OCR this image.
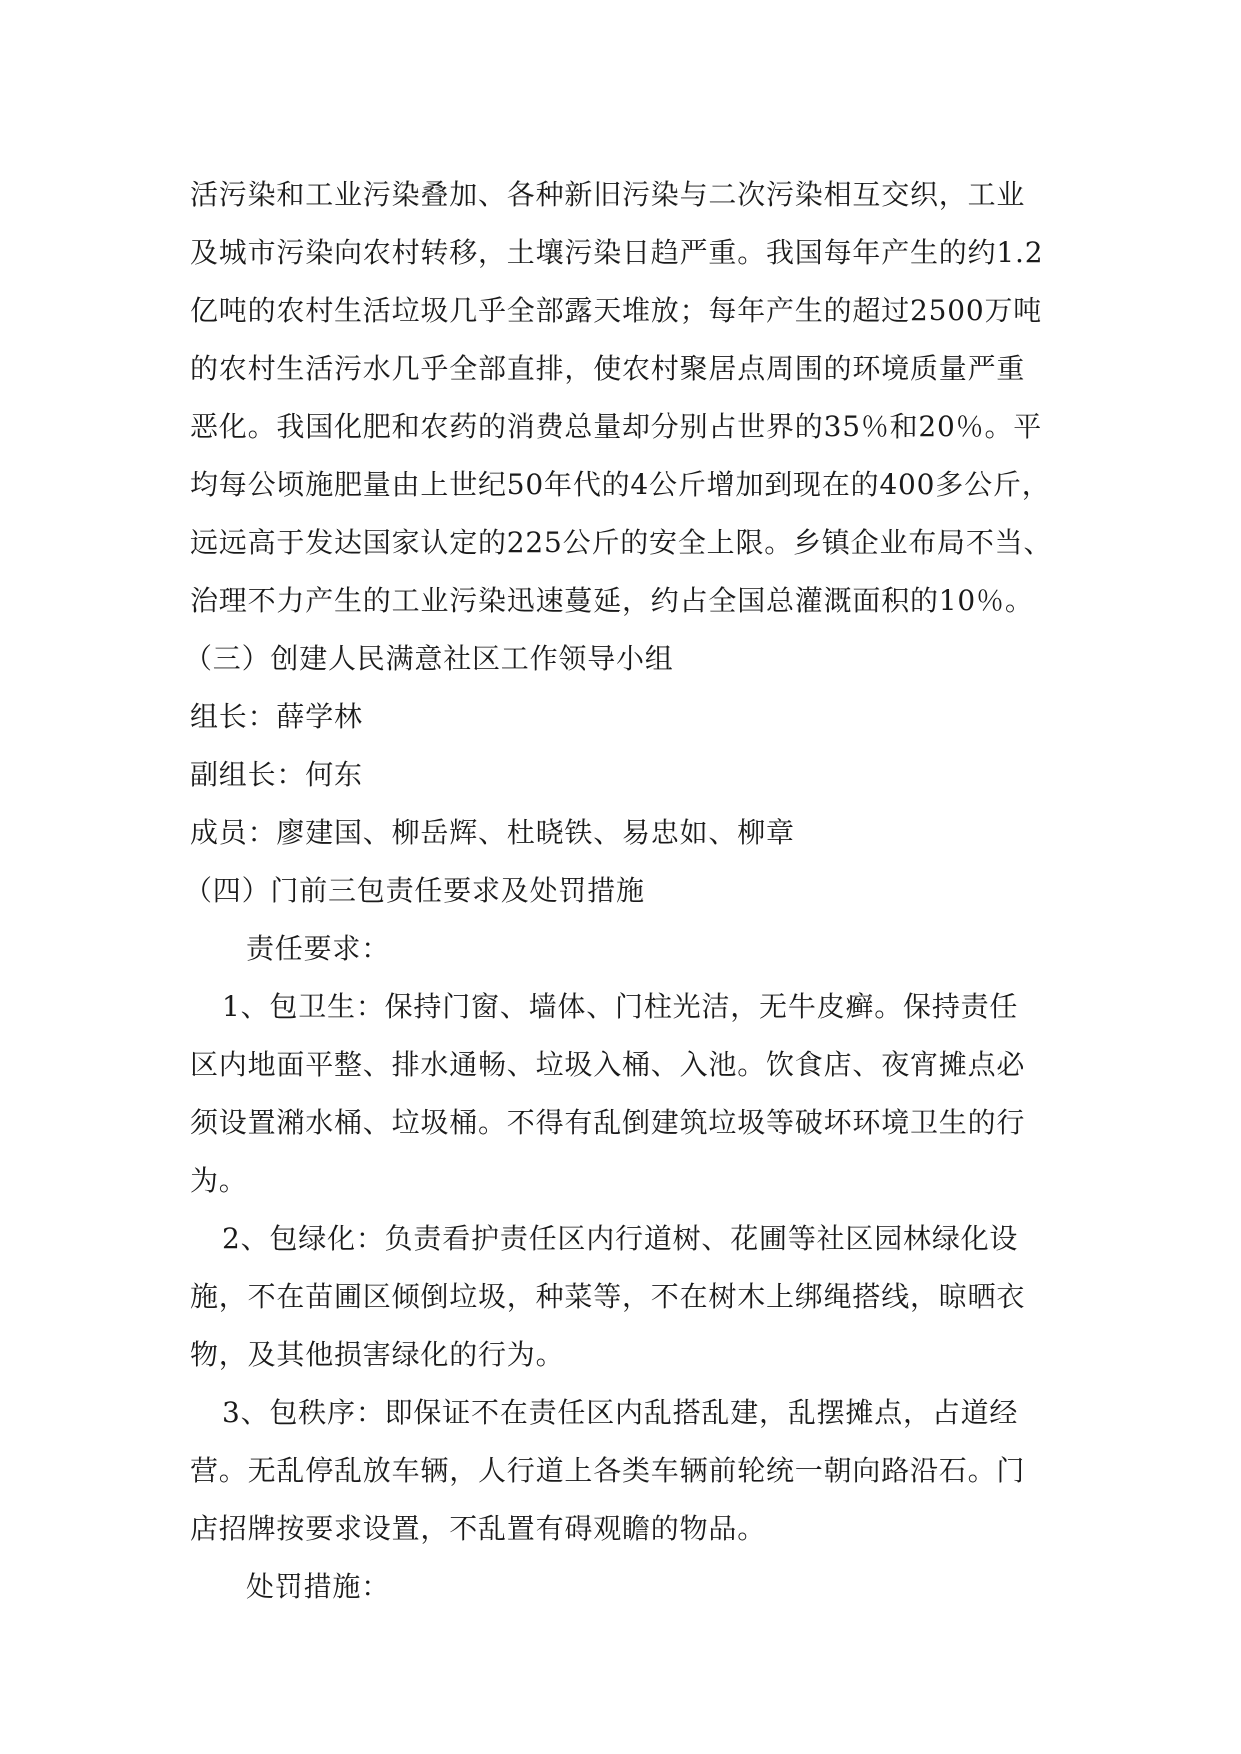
活污染和工业污染叠加、各种新旧污染与二次污染相互交织，工业

及城市污染向农村转移，土壤污染日趋严重。我国每年产生的约1.2

亿吨的农村生活垃圾几乎全部露天堆放；每年产生的超过2500万吨

的农村生活污水几乎全部直排，使农村聚居点周围的环境质量严重

恶化。我国化肥和农药的消费总量却分别占世界的35％和20％。平

均每公顷施肥量由上世纪50年代的4公斤增加到现在的400多公斤，

远远高于发达国家认定的225公斤的安全上限。乡镇企业布局不当、

治理不力产生的工业污染迅速蔓延，约占全国总灌溉面积的10％。

（三）创建人民满意社区工作领导小组

组长：薛学林

副组长：何东

成员：廖建国、柳岳辉、杜晓铁、易忠如、柳章

（四）门前三包责任要求及处罚措施

责任要求：

1、包卫生：保持门窗、墙体、门柱光洁，无牛皮癣。保持责任

区内地面平整、排水通畅、垃圾入桶、入池。饮食店、夜宵摊点必

须设置潲水桶、垃圾桶。不得有乱倒建筑垃圾等破坏环境卫生的行

为。

2、包绿化：负责看护责任区内行道树、花圃等社区园林绿化设

施，不在苗圃区倾倒垃圾，种菜等，不在树木上绑绳搭线，晾晒衣

物，及其他损害绿化的行为。

3、包秩序：即保证不在责任区内乱搭乱建，乱摆摊点，占道经

营。无乱停乱放车辆，人行道上各类车辆前轮统一朝向路沿石。门

店招牌按要求设置，不乱置有碍观瞻的物品。

处罚措施：
